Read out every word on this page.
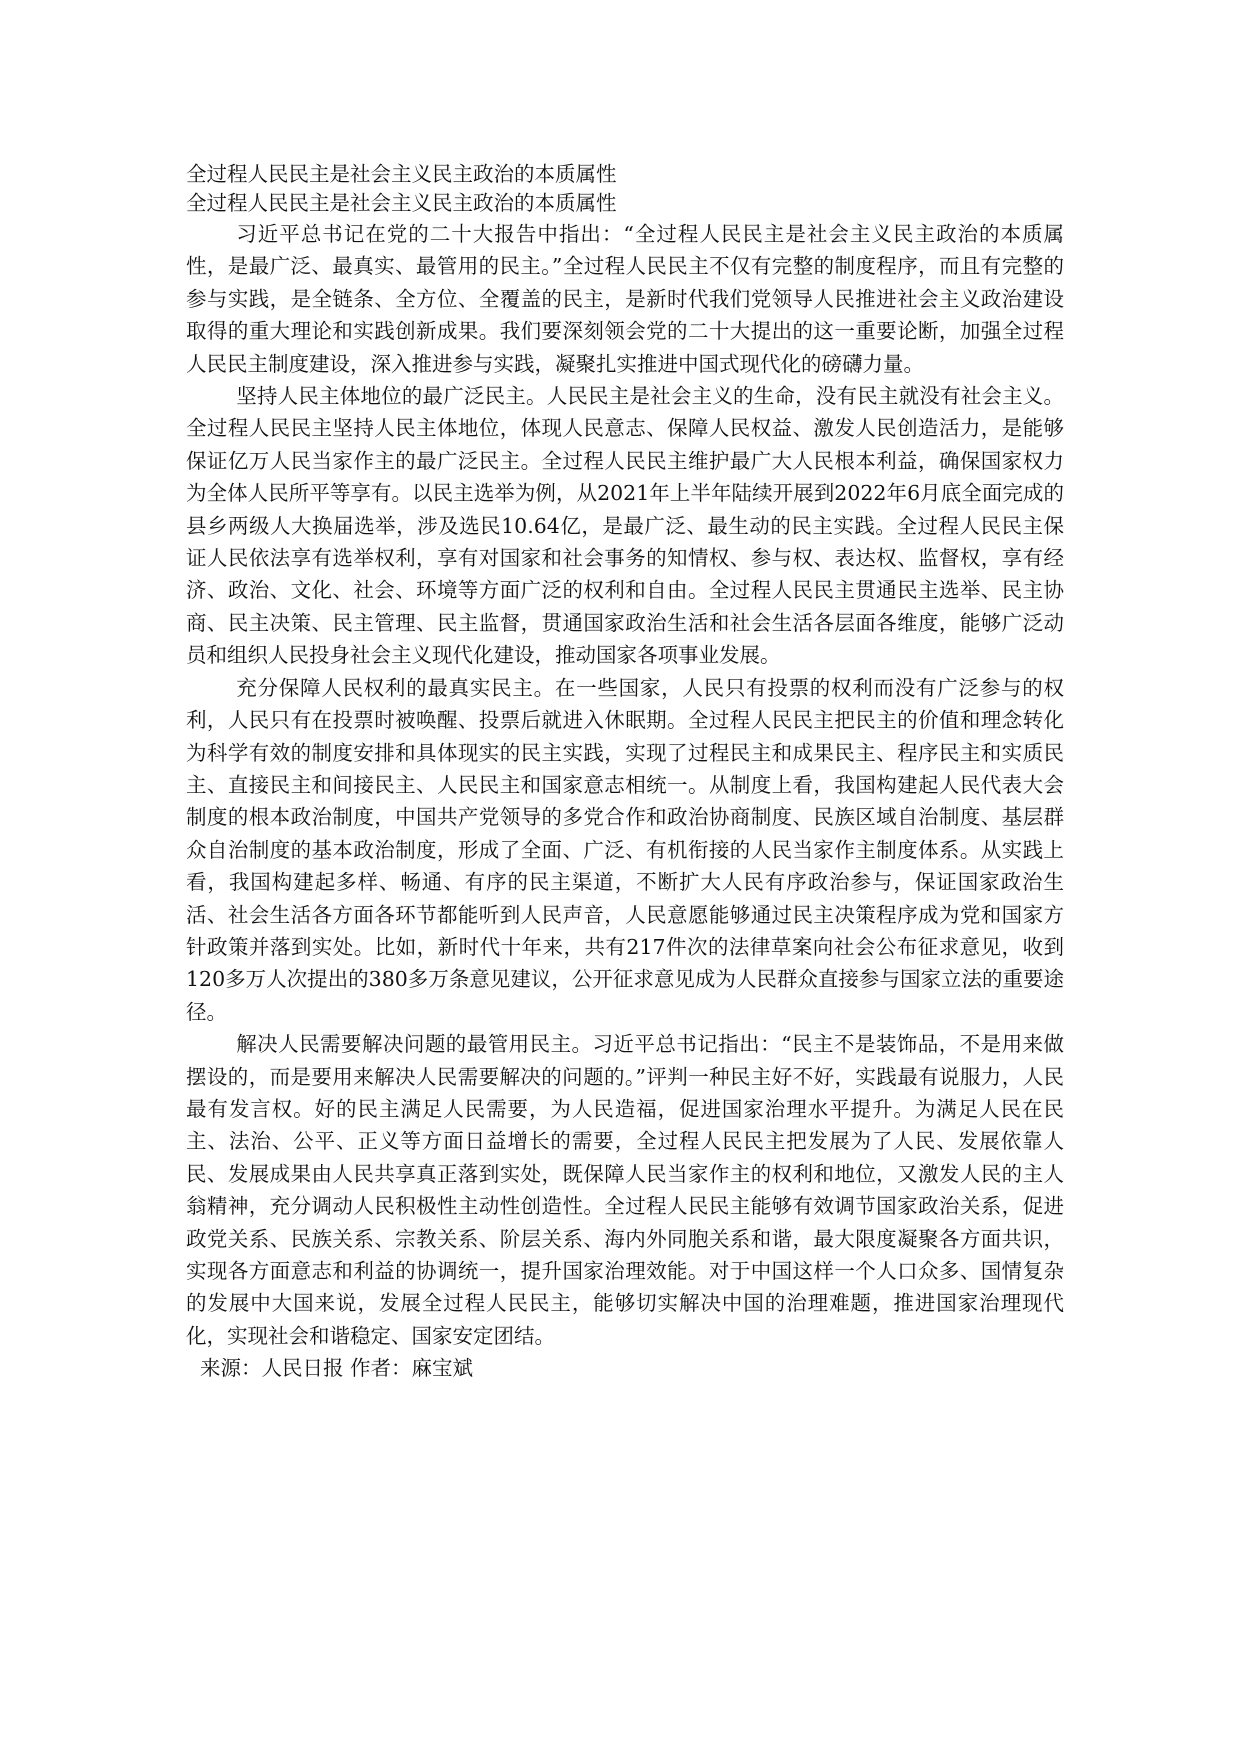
全过程人民民主是社会主义民主政治的本质属性

全过程人民民主是社会主义民主政治的本质属性

习近平总书记在党的二十大报告中指出：“全过程人民民主是社会主义民主政治的本质属性，是最广泛、最真实、最管用的民主。”全过程人民民主不仅有完整的制度程序，而且有完整的参与实践，是全链条、全方位、全覆盖的民主，是新时代我们党领导人民推进社会主义政治建设取得的重大理论和实践创新成果。我们要深刻领会党的二十大提出的这一重要论断，加强全过程人民民主制度建设，深入推进参与实践，凝聚扎实推进中国式现代化的磅礴力量。

坚持人民主体地位的最广泛民主。人民民主是社会主义的生命，没有民主就没有社会主义。全过程人民民主坚持人民主体地位，体现人民意志、保障人民权益、激发人民创造活力，是能够保证亿万人民当家作主的最广泛民主。全过程人民民主维护最广大人民根本利益，确保国家权力为全体人民所平等享有。以民主选举为例，从2021年上半年陆续开展到2022年6月底全面完成的县乡两级人大换届选举，涉及选民10.64亿，是最广泛、最生动的民主实践。全过程人民民主保证人民依法享有选举权利，享有对国家和社会事务的知情权、参与权、表达权、监督权，享有经济、政治、文化、社会、环境等方面广泛的权利和自由。全过程人民民主贯通民主选举、民主协商、民主决策、民主管理、民主监督，贯通国家政治生活和社会生活各层面各维度，能够广泛动员和组织人民投身社会主义现代化建设，推动国家各项事业发展。

充分保障人民权利的最真实民主。在一些国家，人民只有投票的权利而没有广泛参与的权利，人民只有在投票时被唤醒、投票后就进入休眠期。全过程人民民主把民主的价值和理念转化为科学有效的制度安排和具体现实的民主实践，实现了过程民主和成果民主、程序民主和实质民主、直接民主和间接民主、人民民主和国家意志相统一。从制度上看，我国构建起人民代表大会制度的根本政治制度，中国共产党领导的多党合作和政治协商制度、民族区域自治制度、基层群众自治制度的基本政治制度，形成了全面、广泛、有机衔接的人民当家作主制度体系。从实践上看，我国构建起多样、畅通、有序的民主渠道，不断扩大人民有序政治参与，保证国家政治生活、社会生活各方面各环节都能听到人民声音，人民意愿能够通过民主决策程序成为党和国家方针政策并落到实处。比如，新时代十年来，共有217件次的法律草案向社会公布征求意见，收到120多万人次提出的380多万条意见建议，公开征求意见成为人民群众直接参与国家立法的重要途径。

解决人民需要解决问题的最管用民主。习近平总书记指出：“民主不是装饰品，不是用来做摆设的，而是要用来解决人民需要解决的问题的。”评判一种民主好不好，实践最有说服力，人民最有发言权。好的民主满足人民需要，为人民造福，促进国家治理水平提升。为满足人民在民主、法治、公平、正义等方面日益增长的需要，全过程人民民主把发展为了人民、发展依靠人民、发展成果由人民共享真正落到实处，既保障人民当家作主的权利和地位，又激发人民的主人翁精神，充分调动人民积极性主动性创造性。全过程人民民主能够有效调节国家政治关系，促进政党关系、民族关系、宗教关系、阶层关系、海内外同胞关系和谐，最大限度凝聚各方面共识，实现各方面意志和利益的协调统一，提升国家治理效能。对于中国这样一个人口众多、国情复杂的发展中大国来说，发展全过程人民民主，能够切实解决中国的治理难题，推进国家治理现代化，实现社会和谐稳定、国家安定团结。

来源：人民日报 作者：麻宝斌
